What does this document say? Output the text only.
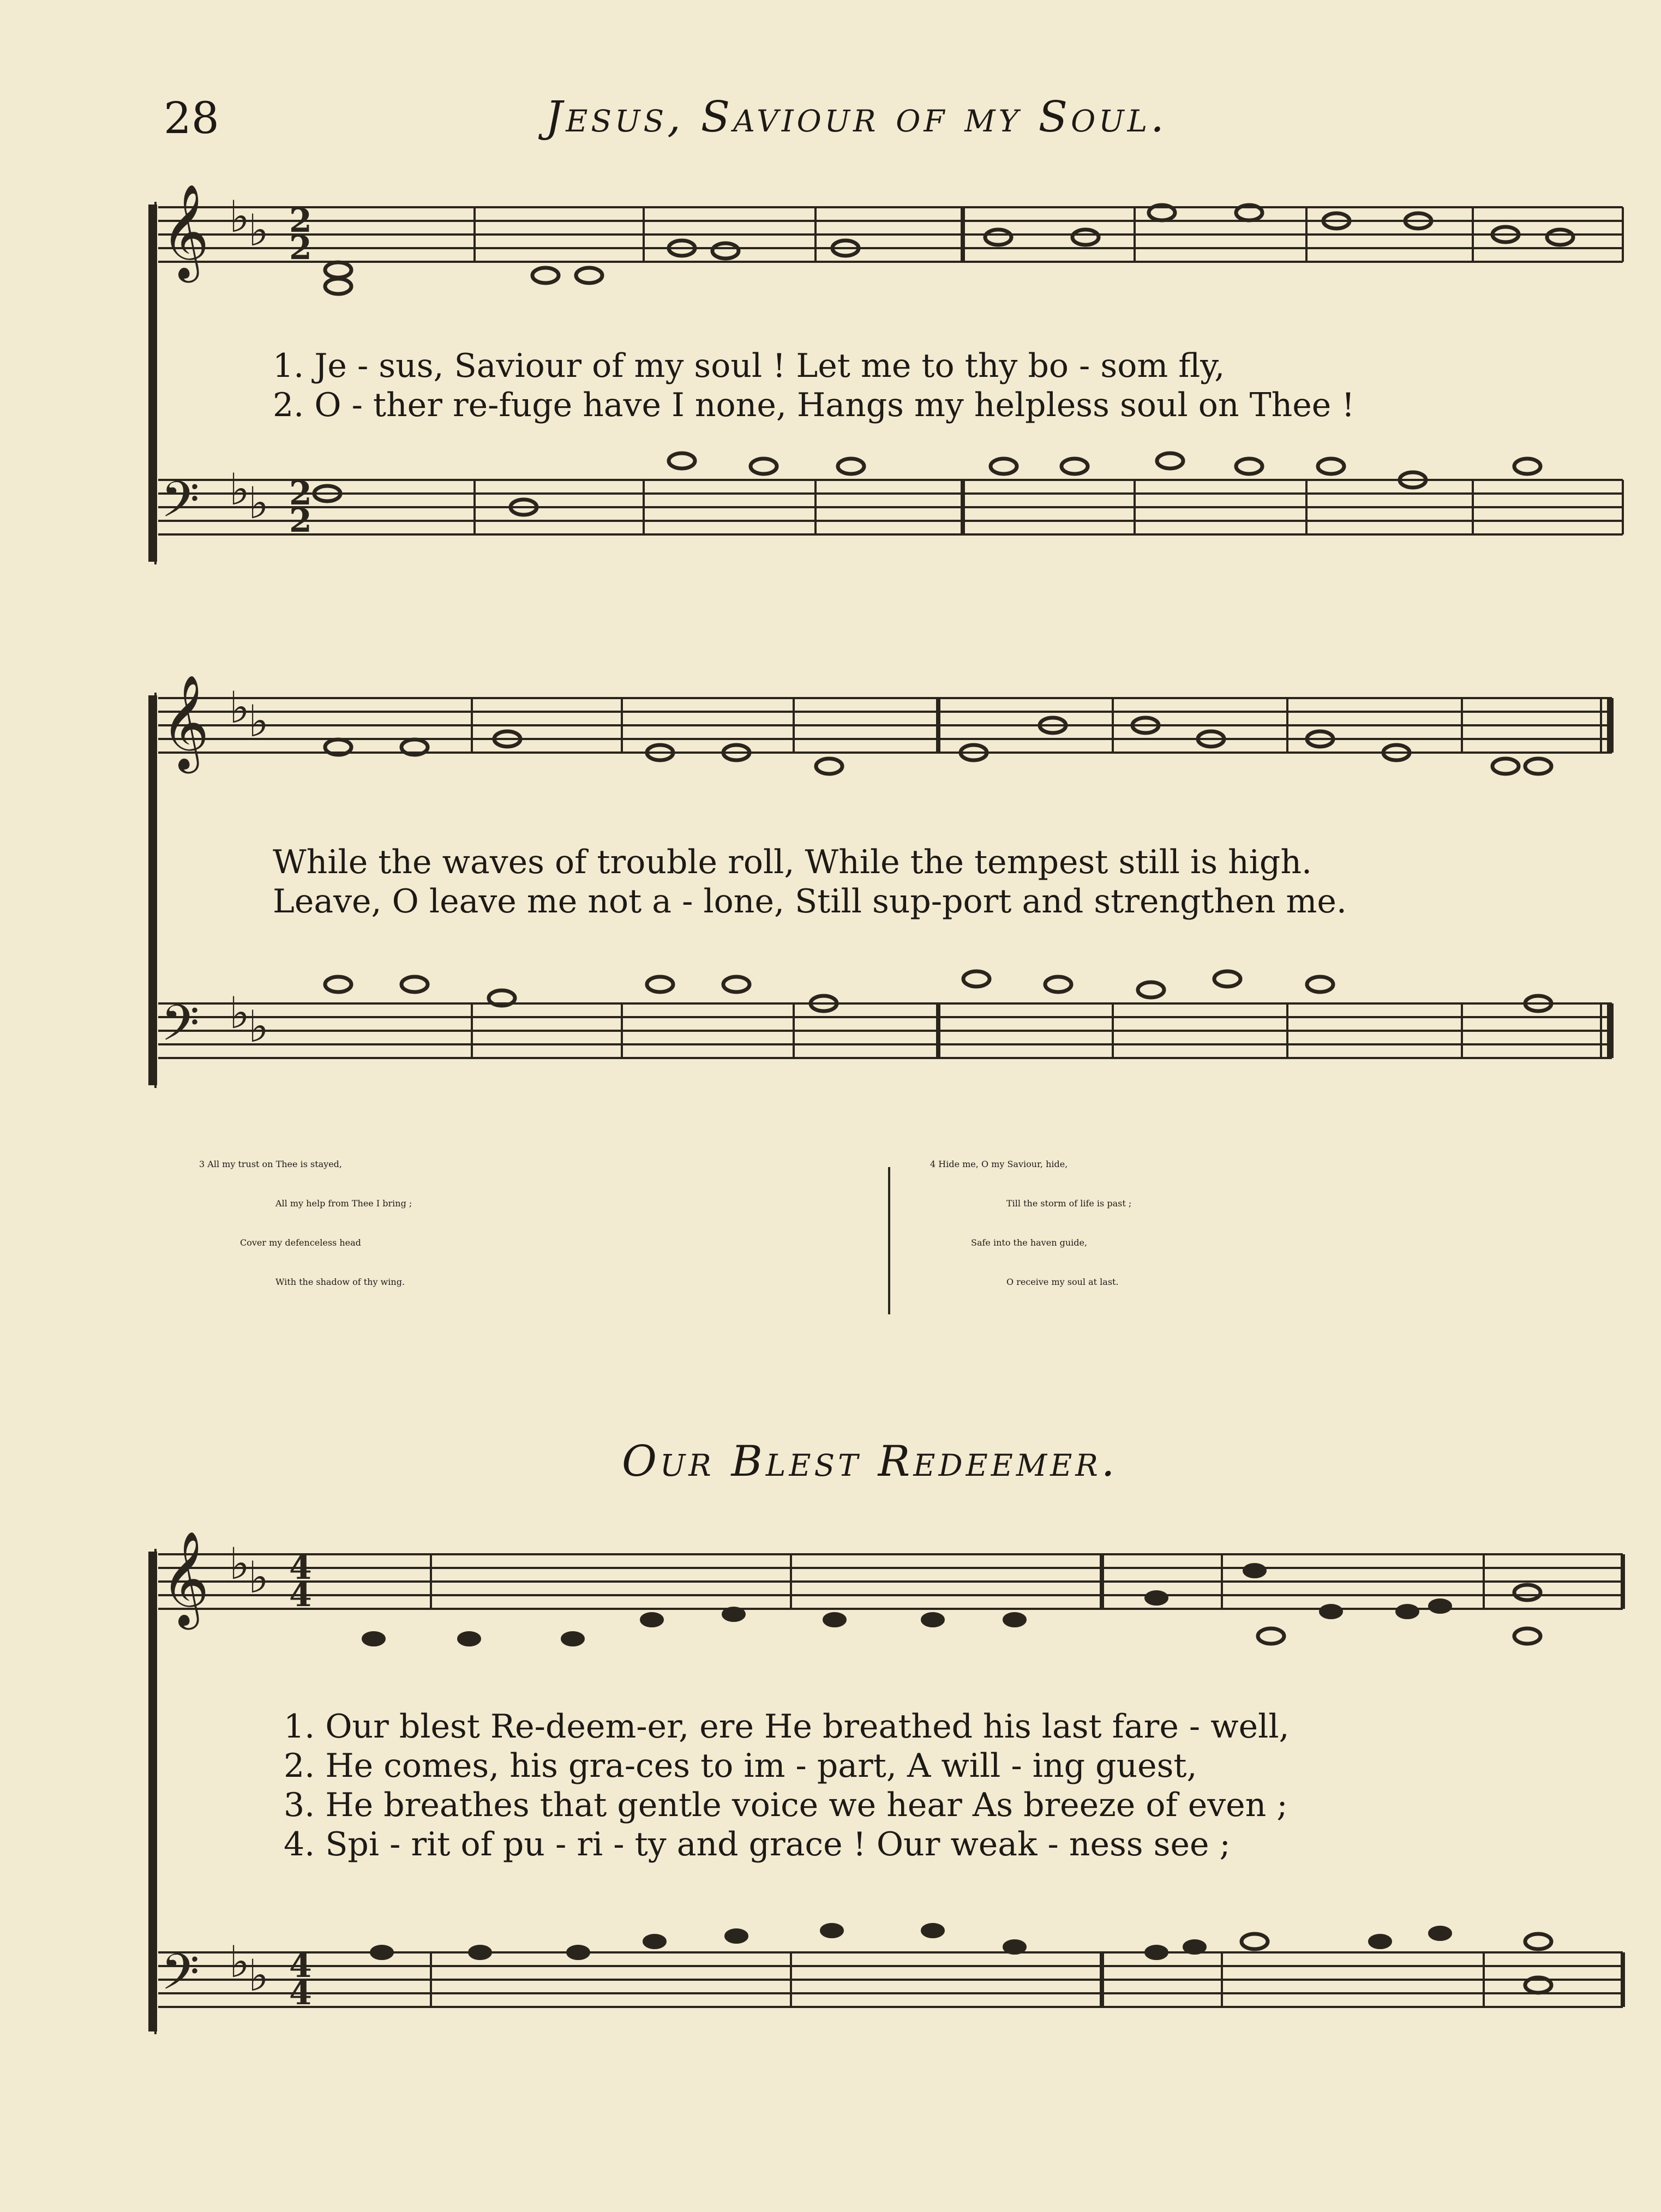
28	Jesus, Saviour of my Soul.
𝄞
𝄢
♭
♭
♭
♭
2
2
2
2
1. Je - sus, Saviour of my soul ! Let me to thy bo - som fly,
2. O - ther re-fuge have I none, Hangs my helpless soul on Thee !
𝄞
𝄢
♭
♭
♭
♭
While the waves of trouble roll, While the tempest still is high.
Leave, O leave me not a - lone, Still sup-port and strengthen me.
3 All my trust on Thee is stayed,
All my help from Thee I bring ;
Cover my defenceless head
With the shadow of thy wing.
4 Hide me, O my Saviour, hide,
Till the storm of life is past ;
Safe into the haven guide,
O receive my soul at last.
Our Blest Redeemer.
𝄞
𝄢
♭
♭
♭
♭
4
4
4
4
1. Our blest Re-deem-er, ere He breathed his last fare - well,
2. He comes, his gra-ces to im - part, A will - ing guest,
3. He breathes that gentle voice we hear As breeze of even ;
4. Spi - rit of pu - ri - ty and grace ! Our weak - ness see ;
